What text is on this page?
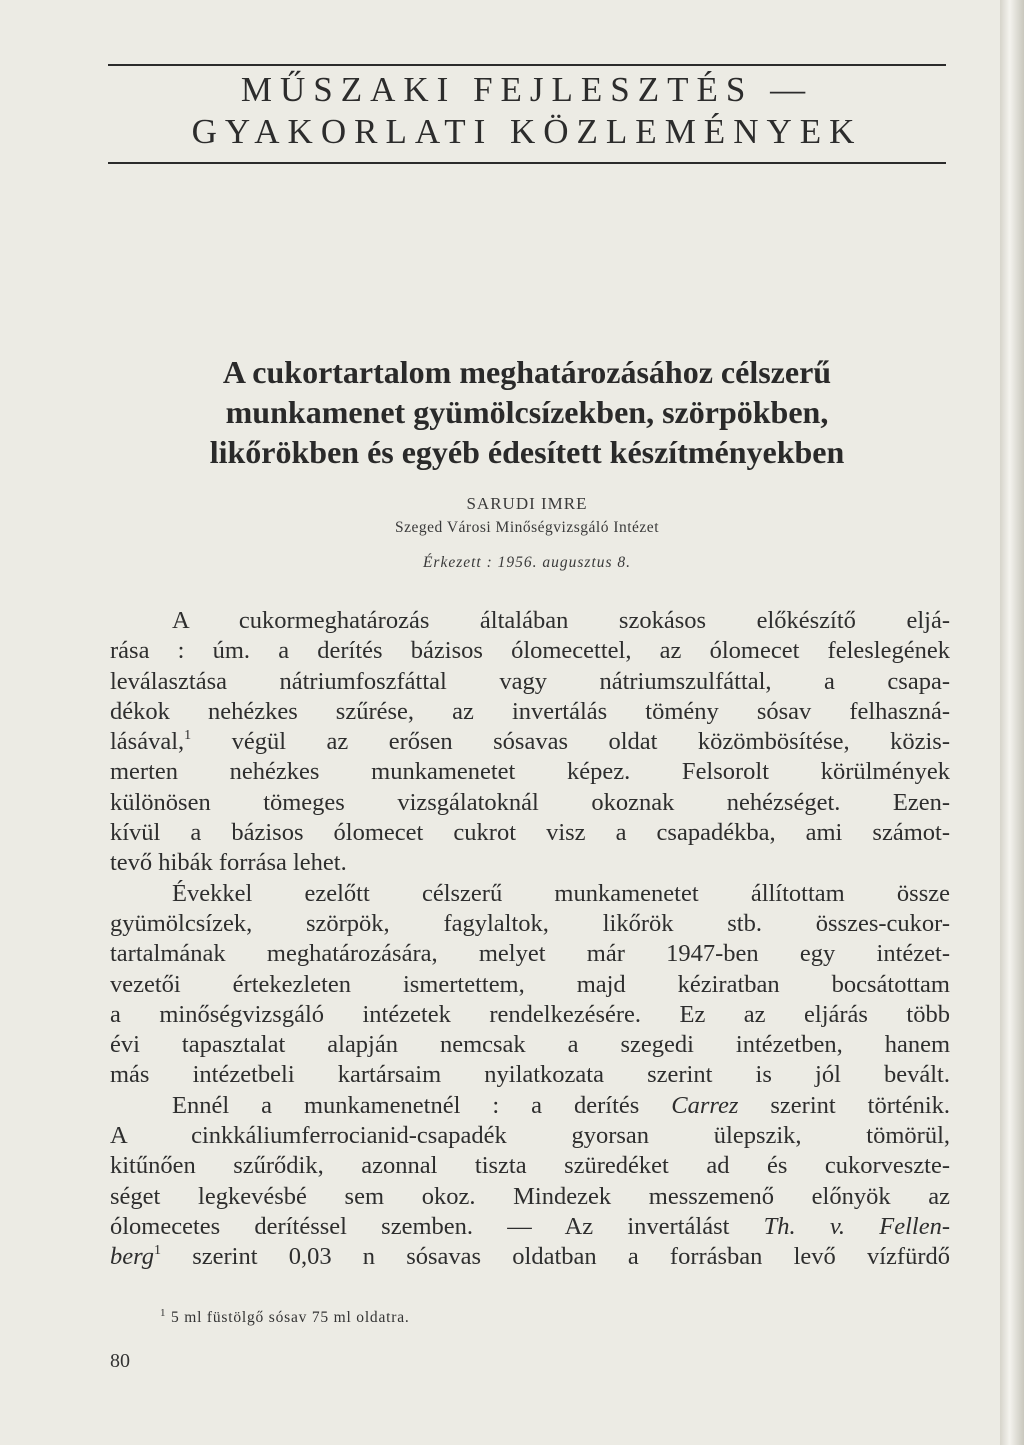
MŰSZAKI FEJLESZTÉS —
GYAKORLATI KÖZLEMÉNYEK
A cukortartalom meghatározásához célszerű
munkamenet gyümölcsízekben, szörpökben,
likőrökben és egyéb édesített készítményekben
SARUDI IMRE
Szeged Városi Minőségvizsgáló Intézet
Érkezett : 1956. augusztus 8.
A cukormeghatározás általában szokásos előkészítő eljá-
rása : úm. a derítés bázisos ólomecettel, az ólomecet feleslegének
leválasztása nátriumfoszfáttal vagy nátriumszulfáttal, a csapa-
dékok nehézkes szűrése, az invertálás tömény sósav felhaszná-
lásával,$^1$ végül az erősen sósavas oldat közömbösítése, közis-
merten nehézkes munkamenetet képez. Felsorolt körülmények
különösen tömeges vizsgálatoknál okoznak nehézséget. Ezen-
kívül a bázisos ólomecet cukrot visz a csapadékba, ami számot-
tevő hibák forrása lehet.
Évekkel ezelőtt célszerű munkamenetet állítottam össze
gyümölcsízek, szörpök, fagylaltok, likőrök stb. összes-cukor-
tartalmának meghatározására, melyet már 1947-ben egy intézet-
vezetői értekezleten ismertettem, majd kéziratban bocsátottam
a minőségvizsgáló intézetek rendelkezésére. Ez az eljárás több
évi tapasztalat alapján nemcsak a szegedi intézetben, hanem
más intézetbeli kartársaim nyilatkozata szerint is jól bevált.
Ennél a munkamenetnél : a derítés Carrez szerint történik.
A cinkkáliumferrocianid-csapadék gyorsan ülepszik, tömörül,
kitűnően szűrődik, azonnal tiszta szüredéket ad és cukorveszte-
séget legkevésbé sem okoz. Mindezek messzemenő előnyök az
ólomecetes derítéssel szemben. — Az invertálást Th. v. Fellen-
berg$^1$ szerint 0,03 n sósavas oldatban a forrásban levő vízfürdő
$^1$ 5 ml füstölgő sósav 75 ml oldatra.
80
